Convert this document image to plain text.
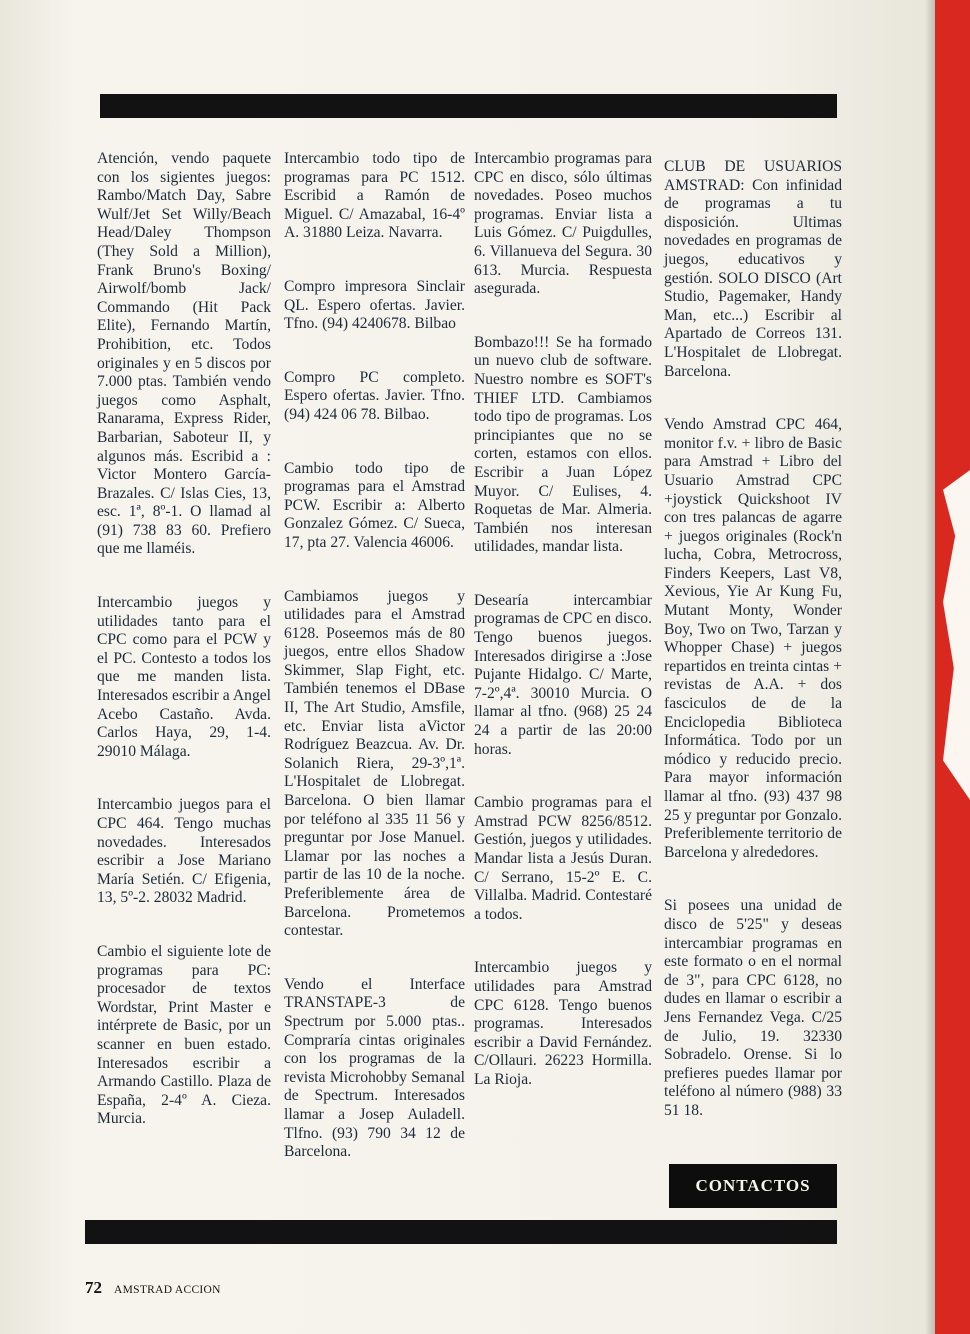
Atención, vendo paquete con los sigientes juegos: Rambo/Match Day, Sabre Wulf/Jet Set Willy/Beach Head/Daley Thompson (They Sold a Million), Frank Bruno's Boxing/ Airwolf/bomb Jack/ Commando (Hit Pack Elite), Fernando Martín, Prohibition, etc. Todos originales y en 5 discos por 7.000 ptas. También vendo juegos como Asphalt, Ranarama, Express Rider, Barbarian, Saboteur II, y algunos más. Escribid a : Victor Montero García-Brazales. C/ Islas Cies, 13, esc. 1ª, 8º-1. O llamad al (91) 738 83 60. Prefiero que me llaméis.

Intercambio juegos y utilidades tanto para el CPC como para el PCW y el PC. Contesto a todos los que me manden lista. Interesados escribir a Angel Acebo Castaño. Avda. Carlos Haya, 29, 1-4. 29010 Málaga.

Intercambio juegos para el CPC 464. Tengo muchas novedades. Interesados escribir a Jose Mariano María Setién. C/ Efigenia, 13, 5º-2. 28032 Madrid.

Cambio el siguiente lote de programas para PC: procesador de textos Wordstar, Print Master e intérprete de Basic, por un scanner en buen estado. Interesados escribir a Armando Castillo. Plaza de España, 2-4º A. Cieza. Murcia.

Intercambio todo tipo de programas para PC 1512. Escribid a Ramón de Miguel. C/ Amazabal, 16-4º A. 31880 Leiza. Navarra.

Compro impresora Sinclair QL. Espero ofertas. Javier. Tfno. (94) 4240678. Bilbao

Compro PC completo. Espero ofertas. Javier. Tfno. (94) 424 06 78. Bilbao.

Cambio todo tipo de programas para el Amstrad PCW. Escribir a: Alberto Gonzalez Gómez. C/ Sueca, 17, pta 27. Valencia 46006.

Cambiamos juegos y utilidades para el Amstrad 6128. Poseemos más de 80 juegos, entre ellos Shadow Skimmer, Slap Fight, etc. También tenemos el DBase II, The Art Studio, Amsfile, etc. Enviar lista aVictor Rodríguez Beazcua. Av. Dr. Solanich Riera, 29-3º,1ª. L'Hospitalet de Llobregat. Barcelona. O bien llamar por teléfono al 335 11 56 y preguntar por Jose Manuel. Llamar por las noches a partir de las 10 de la noche. Preferiblemente área de Barcelona. Prometemos contestar.

Vendo el Interface TRANSTAPE-3 de Spectrum por 5.000 ptas.. Compraría cintas originales con los programas de la revista Microhobby Semanal de Spectrum. Interesados llamar a Josep Auladell. Tlfno. (93) 790 34 12 de Barcelona.

Intercambio programas para CPC en disco, sólo últimas novedades. Poseo muchos programas. Enviar lista a Luis Gómez. C/ Puigdulles, 6. Villanueva del Segura. 30 613. Murcia. Respuesta asegurada.

Bombazo!!! Se ha formado un nuevo club de software. Nuestro nombre es SOFT's THIEF LTD. Cambiamos todo tipo de programas. Los principiantes que no se corten, estamos con ellos. Escribir a Juan López Muyor. C/ Eulises, 4. Roquetas de Mar. Almeria. También nos interesan utilidades, mandar lista.

Desearía intercambiar programas de CPC en disco. Tengo buenos juegos. Interesados dirigirse a :Jose Pujante Hidalgo. C/ Marte, 7-2º,4ª. 30010 Murcia. O llamar al tfno. (968) 25 24 24 a partir de las 20:00 horas.

Cambio programas para el Amstrad PCW 8256/8512. Gestión, juegos y utilidades. Mandar lista a Jesús Duran. C/ Serrano, 15-2º E. C. Villalba. Madrid. Contestaré a todos.

Intercambio juegos y utilidades para Amstrad CPC 6128. Tengo buenos programas. Interesados escribir a David Fernández. C/Ollauri. 26223 Hormilla. La Rioja.

CLUB DE USUARIOS AMSTRAD: Con infinidad de programas a tu disposición. Ultimas novedades en programas de juegos, educativos y gestión. SOLO DISCO (Art Studio, Pagemaker, Handy Man, etc...) Escribir al Apartado de Correos 131. L'Hospitalet de Llobregat. Barcelona.

Vendo Amstrad CPC 464, monitor f.v. + libro de Basic para Amstrad + Libro del Usuario Amstrad CPC +joystick Quickshoot IV con tres palancas de agarre + juegos originales (Rock'n lucha, Cobra, Metrocross, Finders Keepers, Last V8, Xevious, Yie Ar Kung Fu, Mutant Monty, Wonder Boy, Two on Two, Tarzan y Whopper Chase) + juegos repartidos en treinta cintas + revistas de A.A. + dos fasciculos de de la Enciclopedia Biblioteca Informática. Todo por un módico y reducido precio. Para mayor información llamar al tfno. (93) 437 98 25 y preguntar por Gonzalo. Preferiblemente territorio de Barcelona y alrededores.

Si posees una unidad de disco de 5'25" y deseas intercambiar programas en este formato o en el normal de 3", para CPC 6128, no dudes en llamar o escribir a Jens Fernandez Vega. C/25 de Julio, 19. 32330 Sobradelo. Orense. Si lo prefieres puedes llamar por teléfono al número (988) 33 51 18.

CONTACTOS
72 AMSTRAD ACCION
